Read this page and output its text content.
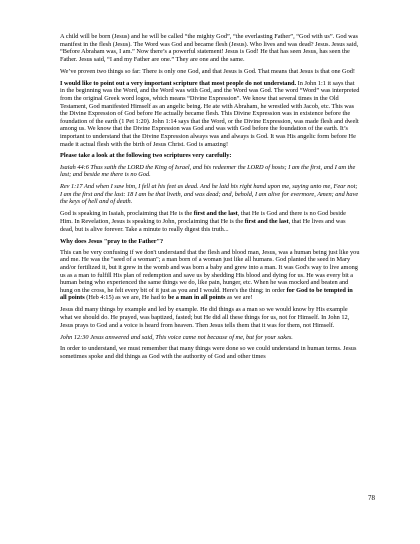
A child will be born (Jesus) and he will be called “the mighty God”, “the everlasting Father”, “God with us”. God was manifest in the flesh (Jesus). The Word was God and became flesh (Jesus). Who lives and was dead? Jesus. Jesus said, “Before Abraham was, I am.” Now there’s a powerful statement! Jesus is God! He that has seen Jesus, has seen the Father. Jesus said, “I and my Father are one.” They are one and the same.

We’ve proven two things so far: There is only one God, and that Jesus is God. That means that Jesus is that one God!

I would like to point out a very important scripture that most people do not understand. In John 1:1 it says that in the beginning was the Word, and the Word was with God, and the Word was God. The word “Word” was interpreted from the original Greek word logos, which means “Divine Expression”. We know that several times in the Old Testament, God manifested Himself as an angelic being. He ate with Abraham, he wrestled with Jacob, etc. This was the Divine Expression of God before He actually became flesh. This Divine Expression was in existence before the foundation of the earth (1 Pet 1:20). John 1:14 says that the Word, or the Divine Expression, was made flesh and dwelt among us. We know that the Divine Expression was God and was with God before the foundation of the earth. It’s important to understand that the Divine Expression always was and always is God. It was His angelic form before He made it actual flesh with the birth of Jesus Christ. God is amazing!

Please take a look at the following two scriptures very carefully:

Isaiah 44:6 Thus saith the LORD the King of Israel, and his redeemer the LORD of hosts; I am the first, and I am the last; and beside me there is no God.

Rev 1:17 And when I saw him, I fell at his feet as dead. And he laid his right hand upon me, saying unto me, Fear not; I am the first and the last: 18 I am he that liveth, and was dead; and, behold, I am alive for evermore, Amen; and have the keys of hell and of death.

God is speaking in Isaiah, proclaiming that He is the first and the last, that He is God and there is no God beside Him. In Revelation, Jesus is speaking to John, proclaiming that He is the first and the last, that He lives and was dead, but is alive forever. Take a minute to really digest this truth...

Why does Jesus "pray to the Father"?

This can be very confusing if we don't understand that the flesh and blood man, Jesus, was a human being just like you and me. He was the "seed of a woman"; a man born of a woman just like all humans. God planted the seed in Mary and/or fertilized it, but it grew in the womb and was born a baby and grew into a man. It was God's way to live among us as a man to fulfill His plan of redemption and save us by shedding His blood and dying for us. He was every bit a human being who experienced the same things we do, like pain, hunger, etc. When he was mocked and beaten and hung on the cross, he felt every bit of it just as you and I would. Here's the thing; in order for God to be tempted in all points (Heb 4:15) as we are, He had to be a man in all points as we are!

Jesus did many things by example and led by example. He did things as a man so we would know by His example what we should do. He prayed, was baptized, fasted; but He did all these things for us, not for Himself. In John 12, Jesus prays to God and a voice is heard from heaven. Then Jesus tells them that it was for them, not Himself.

John 12:30 Jesus answered and said, This voice came not because of me, but for your sakes.

In order to understand, we must remember that many things were done so we could understand in human terms. Jesus sometimes spoke and did things as God with the authority of God and other times

78
